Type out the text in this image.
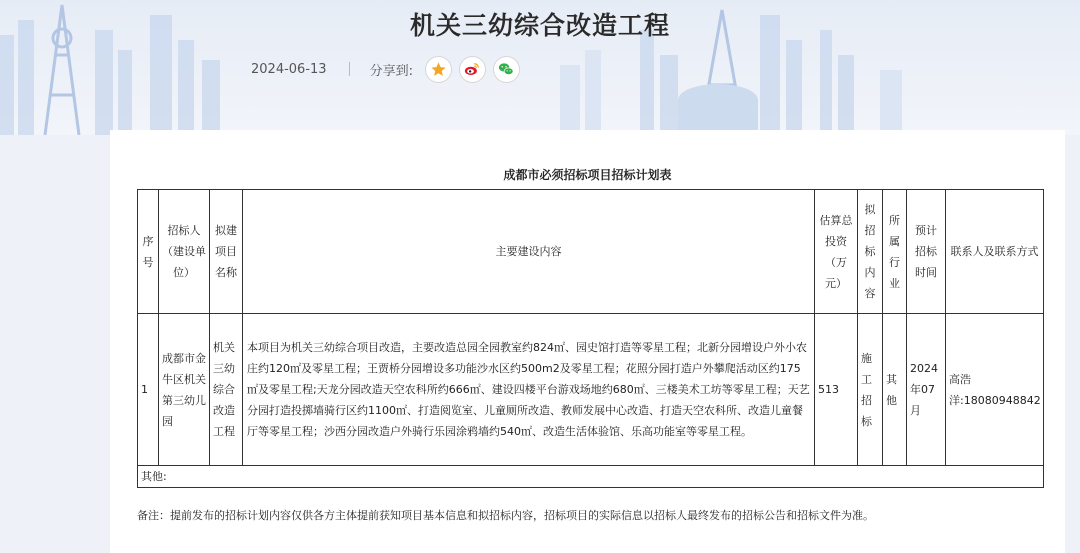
机关三幼综合改造工程
2024-06-13	分享到:
成都市必须招标项目招标计划表
序号	招标人（建设单位）	拟建项目名称	主要建设内容	估算总投资（万元）	拟招标内容	所属行业	预计招标时间	联系人及联系方式
1	成都市金牛区机关第三幼儿园	机关三幼综合改造工程	本项目为机关三幼综合项目改造，主要改造总园全园教室约824㎡、园史馆打造等零星工程；北新分园增设户外小农庄约120㎡及零星工程；王贾桥分园增设多功能沙水区约500m2及零星工程；花照分园打造户外攀爬活动区约175㎡及零星工程;天龙分园改造天空农科所约666㎡、建设四楼平台游戏场地约680㎡、三楼美术工坊等零星工程；天艺分园打造投掷墙骑行区约1100㎡、打造阅览室、儿童厕所改造、教师发展中心改造、打造天空农科所、改造儿童餐厅等零星工程；沙西分园改造户外骑行乐园涂鸦墙约540㎡、改造生活体验馆、乐高功能室等零星工程。	513	施工招标	其他	2024年07月	高浩洋:18080948842
其他:								
备注：提前发布的招标计划内容仅供各方主体提前获知项目基本信息和拟招标内容，招标项目的实际信息以招标人最终发布的招标公告和招标文件为准。
